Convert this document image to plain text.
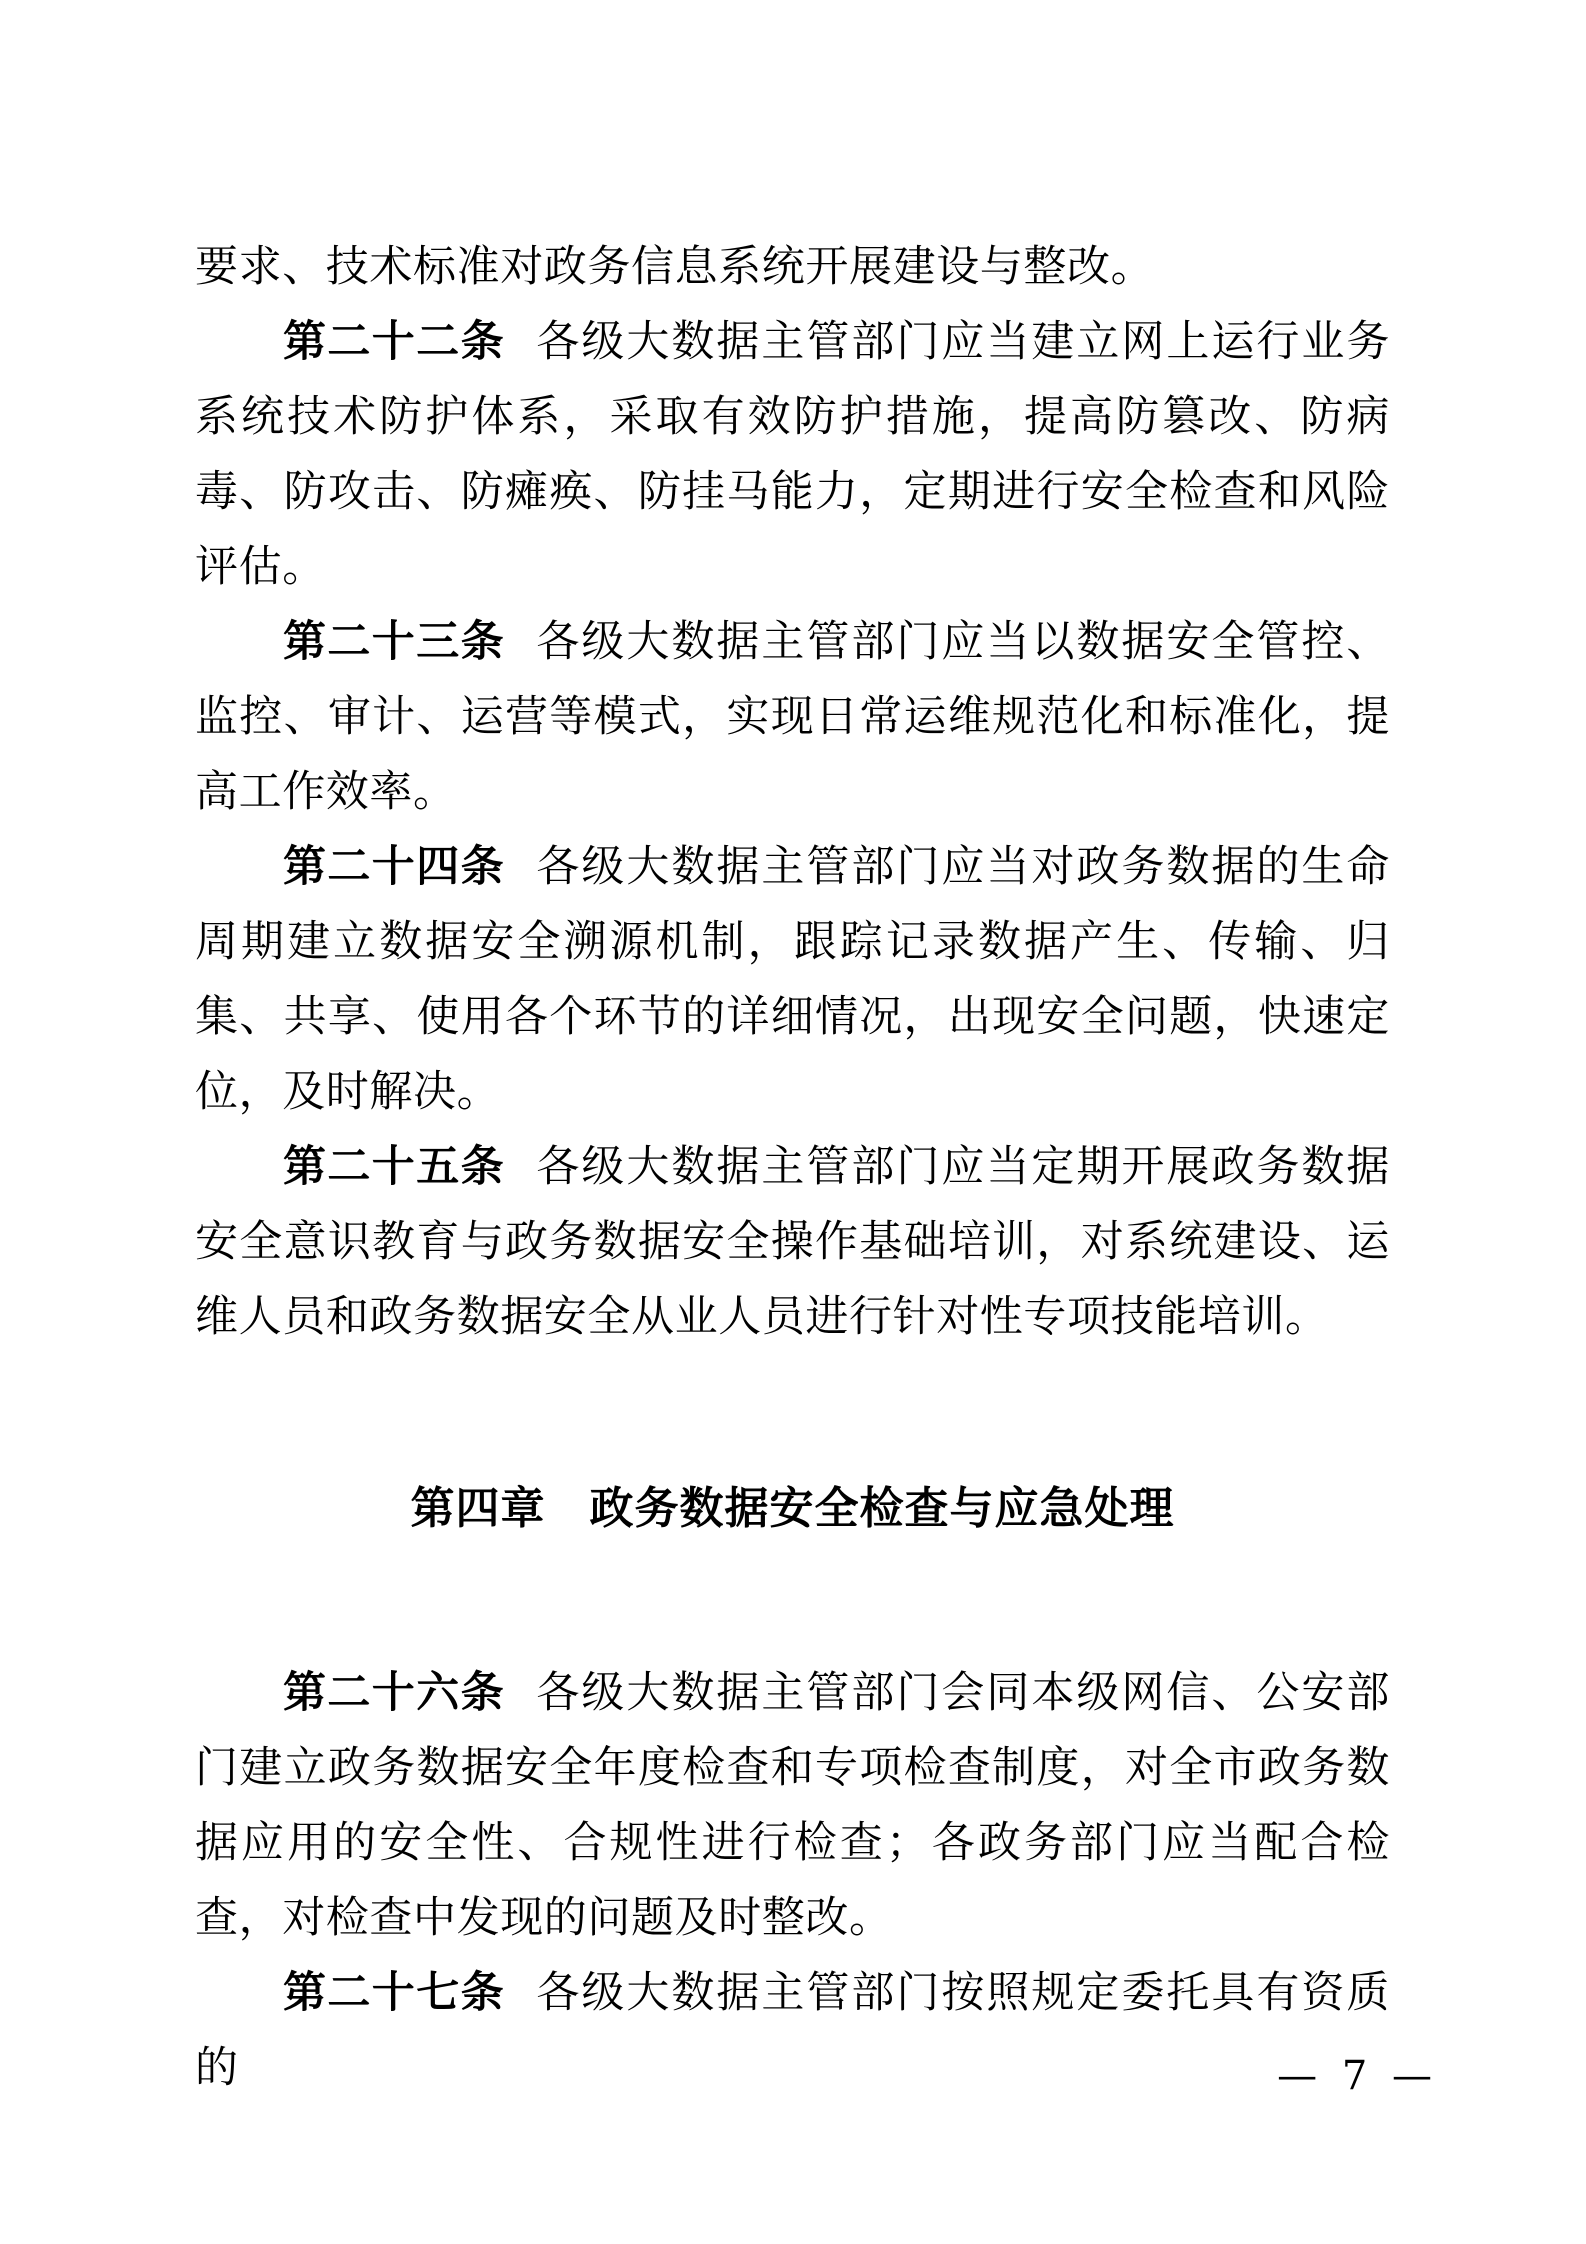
要求、技术标准对政务信息系统开展建设与整改。

第二十二条 各级大数据主管部门应当建立网上运行业务系统技术防护体系，采取有效防护措施，提高防篡改、防病毒、防攻击、防瘫痪、防挂马能力，定期进行安全检查和风险评估。

第二十三条 各级大数据主管部门应当以数据安全管控、监控、审计、运营等模式，实现日常运维规范化和标准化，提高工作效率。

第二十四条 各级大数据主管部门应当对政务数据的生命周期建立数据安全溯源机制，跟踪记录数据产生、传输、归集、共享、使用各个环节的详细情况，出现安全问题，快速定位，及时解决。

第二十五条 各级大数据主管部门应当定期开展政务数据安全意识教育与政务数据安全操作基础培训，对系统建设、运维人员和政务数据安全从业人员进行针对性专项技能培训。

第四章 政务数据安全检查与应急处理

第二十六条 各级大数据主管部门会同本级网信、公安部门建立政务数据安全年度检查和专项检查制度，对全市政务数据应用的安全性、合规性进行检查；各政务部门应当配合检查，对检查中发现的问题及时整改。

第二十七条 各级大数据主管部门按照规定委托具有资质的	— 7 —
